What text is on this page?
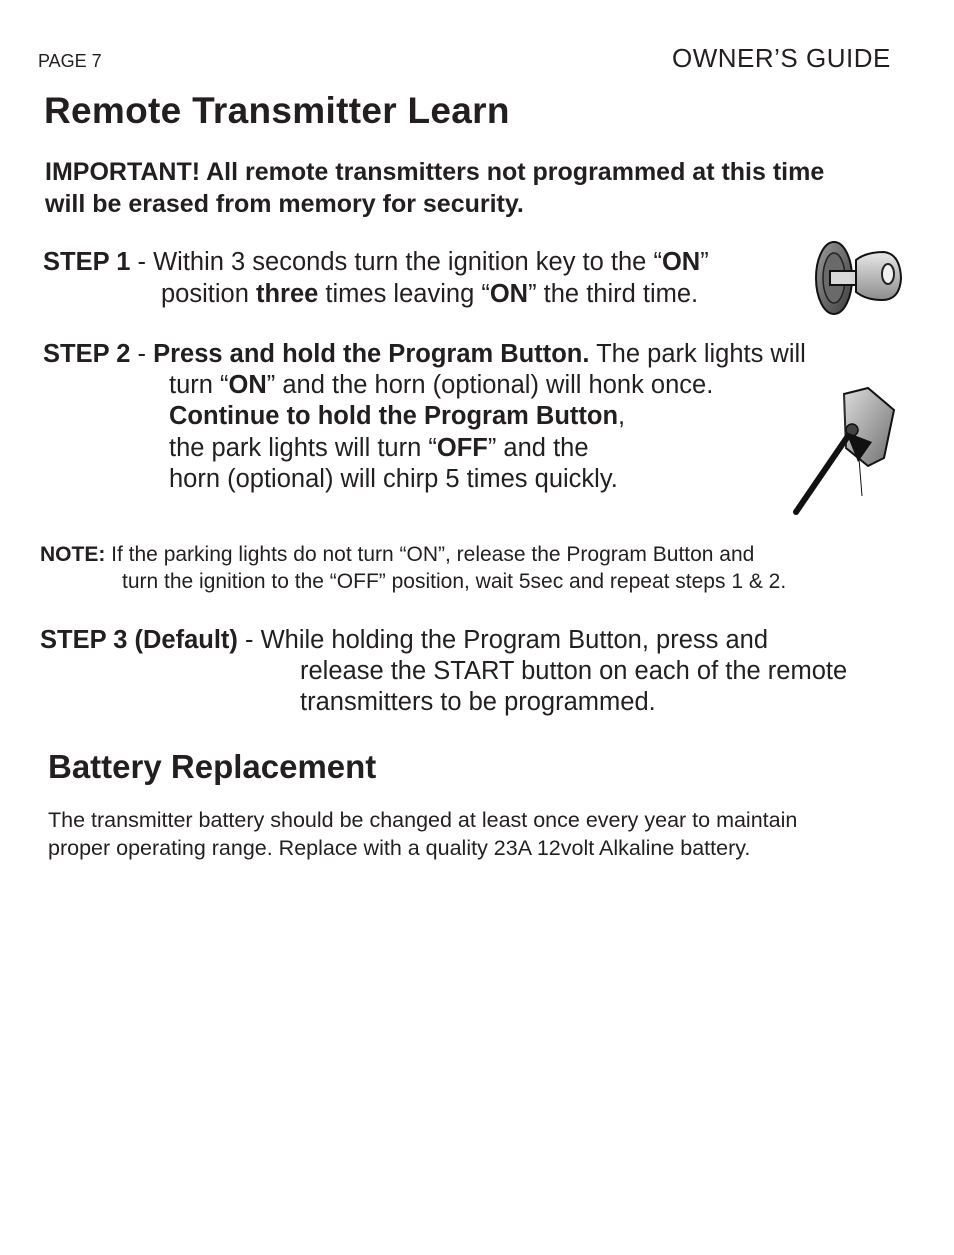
PAGE 7	OWNER’S GUIDE
Remote Transmitter Learn
IMPORTANT! All remote transmitters not programmed at this time
will be erased from memory for security.
STEP 1 - Within 3 seconds turn the ignition key to the “ON”
position three times leaving “ON” the third time.
STEP 2 - Press and hold the Program Button. The park lights will
turn “ON” and the horn (optional) will honk once.
Continue to hold the Program Button,
the park lights will turn “OFF” and the
horn (optional) will chirp 5 times quickly.
NOTE: If the parking lights do not turn “ON”, release the Program Button and
turn the ignition to the “OFF” position, wait 5sec and repeat steps 1 & 2.
STEP 3 (Default) - While holding the Program Button, press and
release the START button on each of the remote
transmitters to be programmed.
Battery Replacement
The transmitter battery should be changed at least once every year to maintain
proper operating range. Replace with a quality 23A 12volt Alkaline battery.
